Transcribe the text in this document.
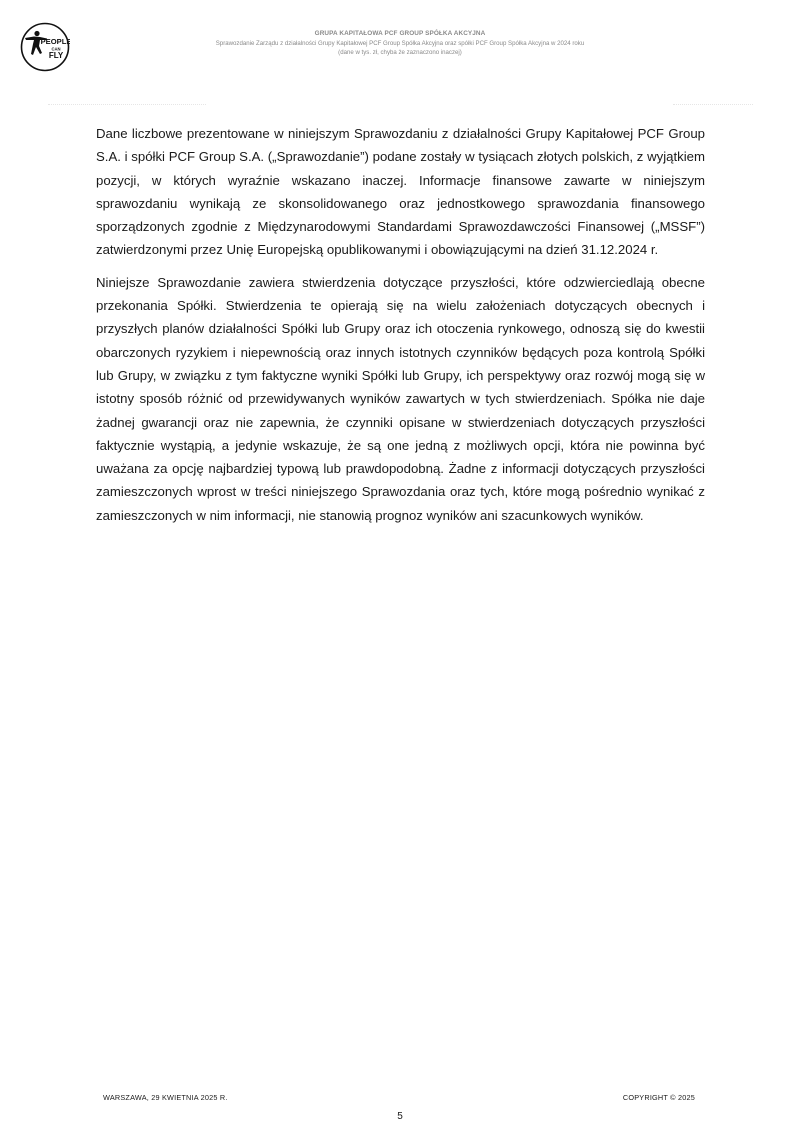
PEOPLE
CAN
FLY
GRUPA KAPITAŁOWA PCF GROUP SPÓŁKA AKCYJNA
Sprawozdanie Zarządu z działalności Grupy Kapitałowej PCF Group Spółka Akcyjna oraz spółki PCF Group Spółka Akcyjna w 2024 roku
(dane w tys. zł, chyba że zaznaczono inaczej)

Dane liczbowe prezentowane w niniejszym Sprawozdaniu z działalności Grupy Kapitałowej PCF Group S.A. i spółki PCF Group S.A. („Sprawozdanie”) podane zostały w tysiącach złotych polskich, z wyjątkiem pozycji, w których wyraźnie wskazano inaczej. Informacje finansowe zawarte w niniejszym sprawozdaniu wynikają ze skonsolidowanego oraz jednostkowego sprawozdania finansowego sporządzonych zgodnie z Międzynarodowymi Standardami Sprawozdawczości Finansowej („MSSF”) zatwierdzonymi przez Unię Europejską opublikowanymi i obowiązującymi na dzień 31.12.2024 r.

Niniejsze Sprawozdanie zawiera stwierdzenia dotyczące przyszłości, które odzwierciedlają obecne przekonania Spółki. Stwierdzenia te opierają się na wielu założeniach dotyczących obecnych i przyszłych planów działalności Spółki lub Grupy oraz ich otoczenia rynkowego, odnoszą się do kwestii obarczonych ryzykiem i niepewnością oraz innych istotnych czynników będących poza kontrolą Spółki lub Grupy, w związku z tym faktyczne wyniki Spółki lub Grupy, ich perspektywy oraz rozwój mogą się w istotny sposób różnić od przewidywanych wyników zawartych w tych stwierdzeniach. Spółka nie daje żadnej gwarancji oraz nie zapewnia, że czynniki opisane w stwierdzeniach dotyczących przyszłości faktycznie wystąpią, a jedynie wskazuje, że są one jedną z możliwych opcji, która nie powinna być uważana za opcję najbardziej typową lub prawdopodobną. Żadne z informacji dotyczących przyszłości zamieszczonych wprost w treści niniejszego Sprawozdania oraz tych, które mogą pośrednio wynikać z zamieszczonych w nim informacji, nie stanowią prognoz wyników ani szacunkowych wyników.

WARSZAWA, 29 KWIETNIA 2025 R.	COPYRIGHT © 2025
5
